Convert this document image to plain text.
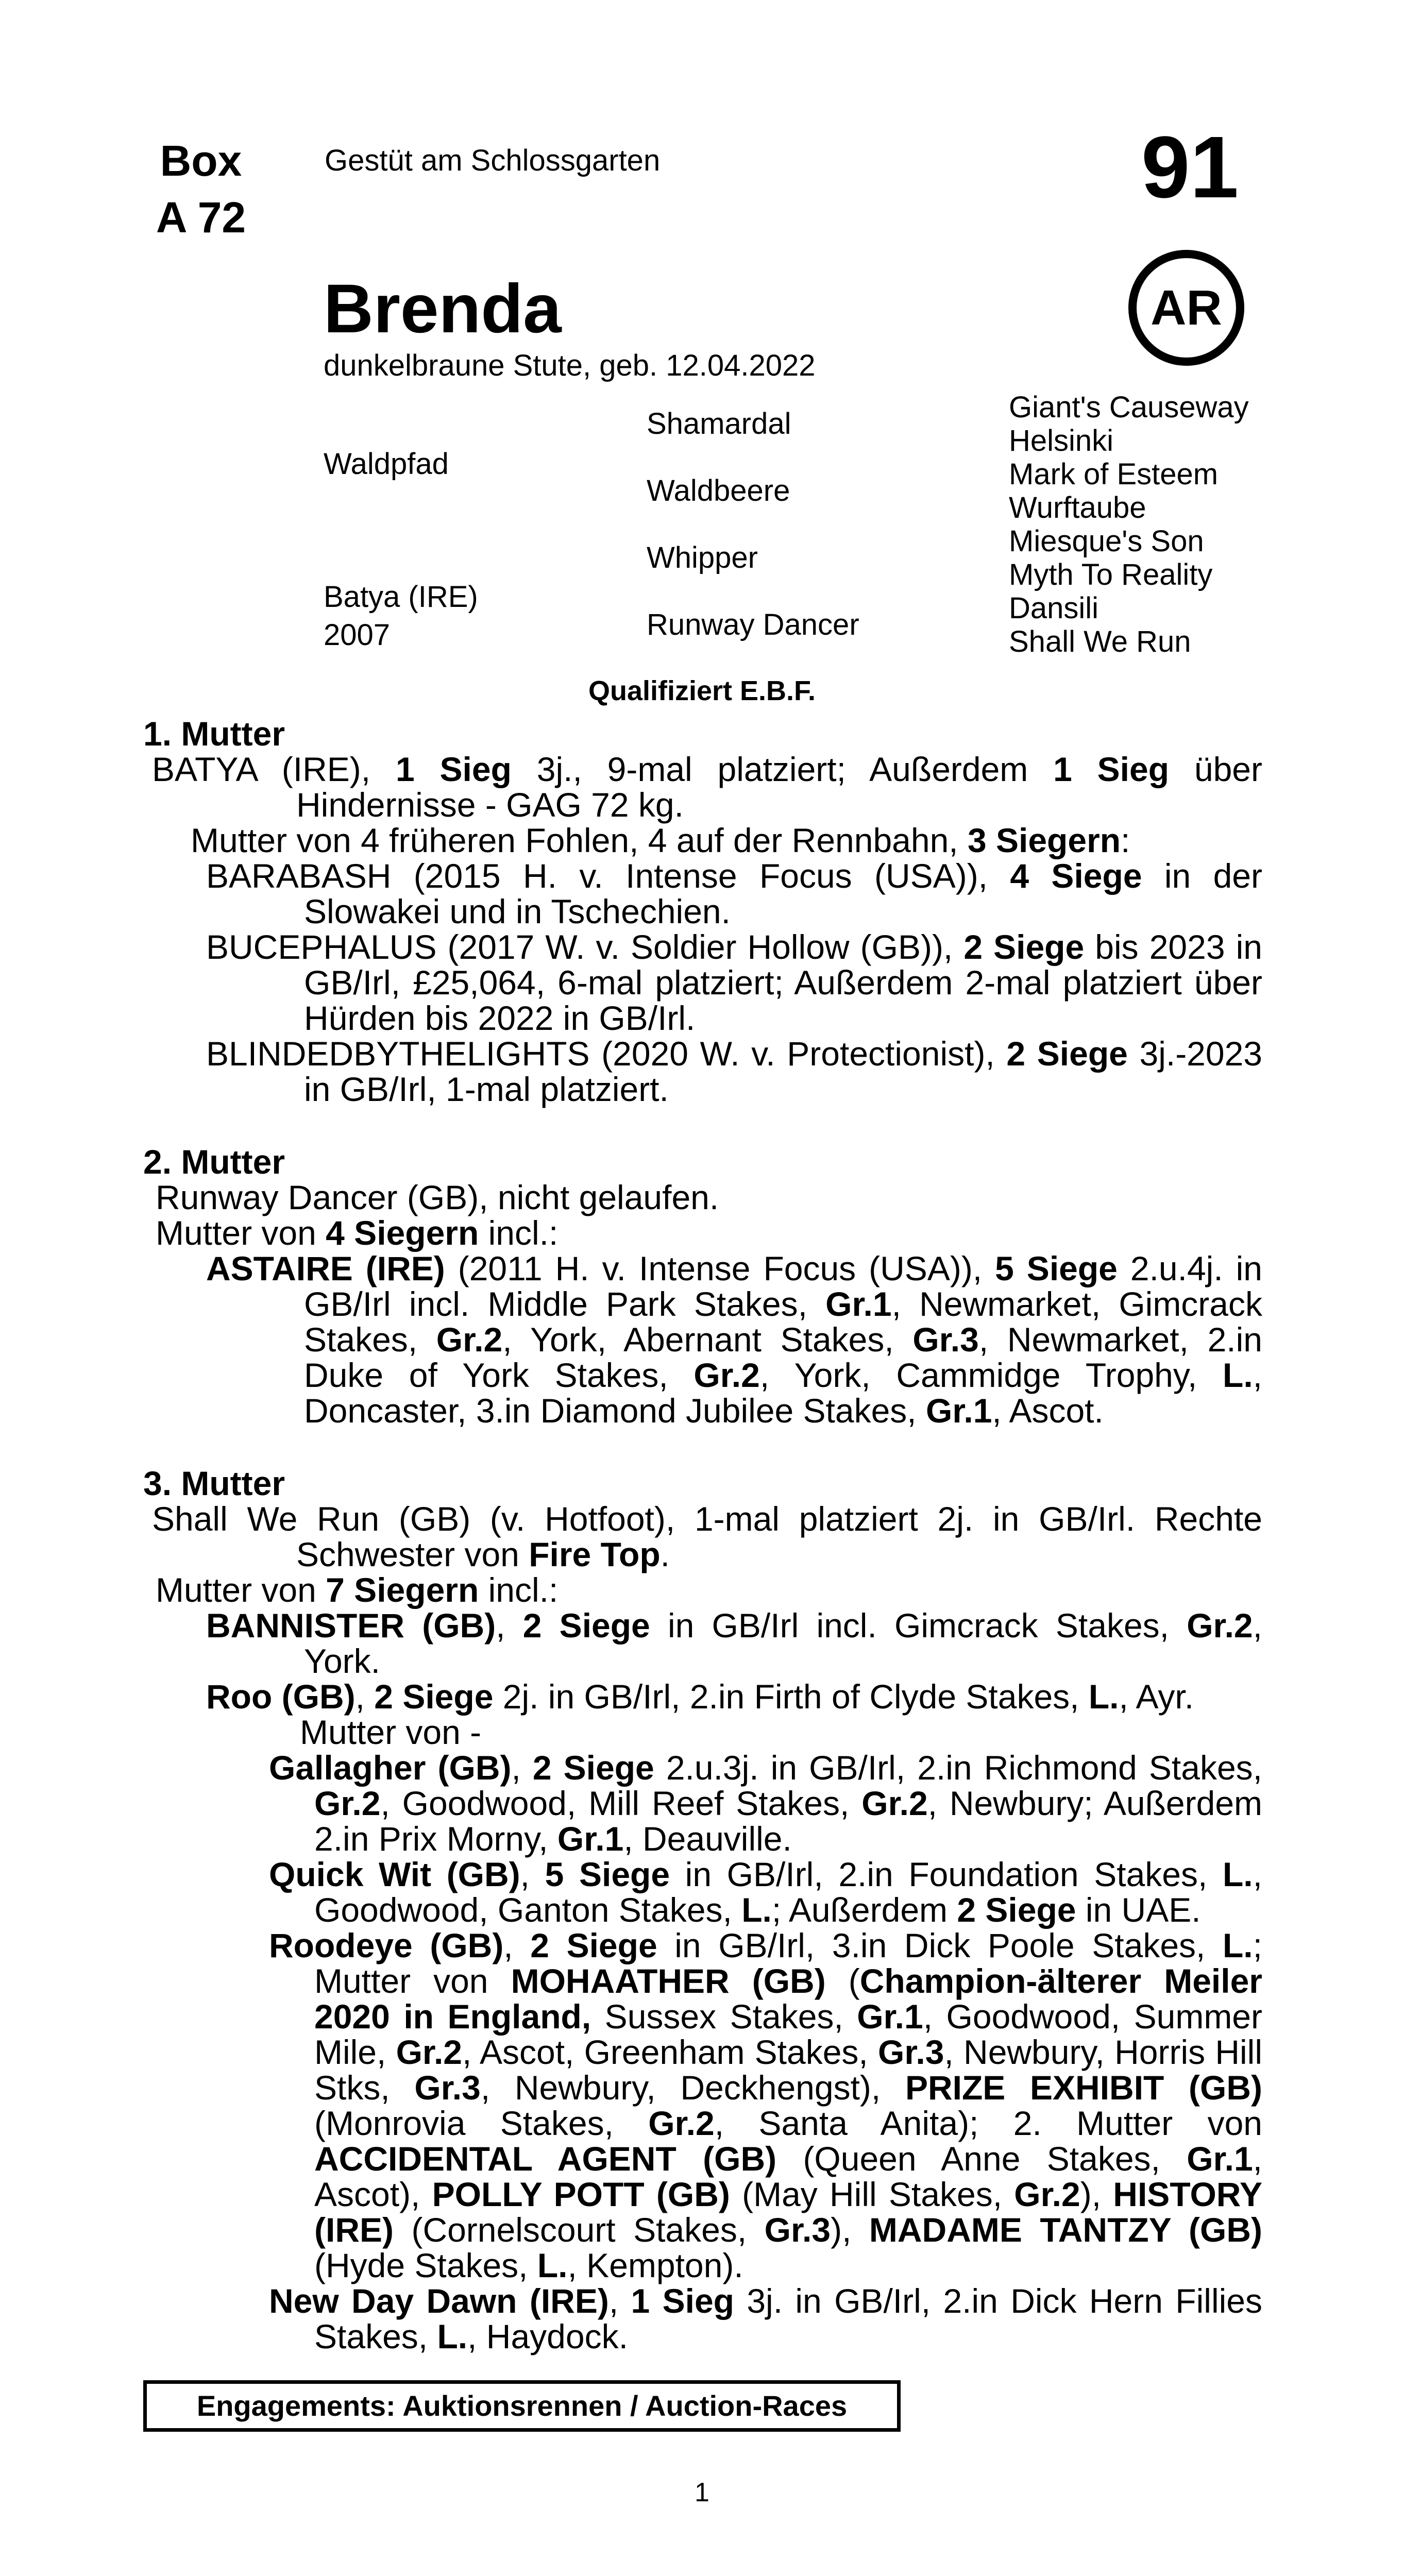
Box
A 72
Gestüt am Schlossgarten	91
AR
Brenda
dunkelbraune Stute, geb. 12.04.2022
Waldpfad
Batya (IRE)
2007
Shamardal
Waldbeere
Whipper
Runway Dancer
Giant's Causeway
Helsinki
Mark of Esteem
Wurftaube
Miesque's Son
Myth To Reality
Dansili
Shall We Run
Qualifiziert E.B.F.
1. Mutter
BATYA (IRE), 1 Sieg 3j., 9-mal platziert; Außerdem 1 Sieg über Hindernisse - GAG 72 kg.
Mutter von 4 früheren Fohlen, 4 auf der Rennbahn, 3 Siegern:
BARABASH (2015 H. v. Intense Focus (USA)), 4 Siege in der Slowakei und in Tschechien.
BUCEPHALUS (2017 W. v. Soldier Hollow (GB)), 2 Siege bis 2023 in GB/Irl, £25,064, 6-mal platziert; Außerdem 2-mal platziert über Hürden bis 2022 in GB/Irl.
BLINDEDBYTHELIGHTS (2020 W. v. Protectionist), 2 Siege 3j.-2023 in GB/Irl, 1-mal platziert.
2. Mutter
Runway Dancer (GB), nicht gelaufen.
Mutter von 4 Siegern incl.:
ASTAIRE (IRE) (2011 H. v. Intense Focus (USA)), 5 Siege 2.u.4j. in GB/Irl incl. Middle Park Stakes, Gr.1, Newmarket, Gimcrack Stakes, Gr.2, York, Abernant Stakes, Gr.3, Newmarket, 2.in Duke of York Stakes, Gr.2, York, Cammidge Trophy, L., Doncaster, 3.in Diamond Jubilee Stakes, Gr.1, Ascot.
3. Mutter
Shall We Run (GB) (v. Hotfoot), 1-mal platziert 2j. in GB/Irl. Rechte Schwester von Fire Top.
Mutter von 7 Siegern incl.:
BANNISTER (GB), 2 Siege in GB/Irl incl. Gimcrack Stakes, Gr.2, York.
Roo (GB), 2 Siege 2j. in GB/Irl, 2.in Firth of Clyde Stakes, L., Ayr.
Mutter von -
Gallagher (GB), 2 Siege 2.u.3j. in GB/Irl, 2.in Richmond Stakes, Gr.2, Goodwood, Mill Reef Stakes, Gr.2, Newbury; Außerdem 2.in Prix Morny, Gr.1, Deauville.
Quick Wit (GB), 5 Siege in GB/Irl, 2.in Foundation Stakes, L., Goodwood, Ganton Stakes, L.; Außerdem 2 Siege in UAE.
Roodeye (GB), 2 Siege in GB/Irl, 3.in Dick Poole Stakes, L.; Mutter von MOHAATHER (GB) (Champion-älterer Meiler 2020 in England, Sussex Stakes, Gr.1, Goodwood, Summer Mile, Gr.2, Ascot, Greenham Stakes, Gr.3, Newbury, Horris Hill Stks, Gr.3, Newbury, Deckhengst), PRIZE EXHIBIT (GB) (Monrovia Stakes, Gr.2, Santa Anita); 2. Mutter von ACCIDENTAL AGENT (GB) (Queen Anne Stakes, Gr.1, Ascot), POLLY POTT (GB) (May Hill Stakes, Gr.2), HISTORY (IRE) (Cornelscourt Stakes, Gr.3), MADAME TANTZY (GB) (Hyde Stakes, L., Kempton).
New Day Dawn (IRE), 1 Sieg 3j. in GB/Irl, 2.in Dick Hern Fillies Stakes, L., Haydock.
Engagements: Auktionsrennen / Auction-Races
1
